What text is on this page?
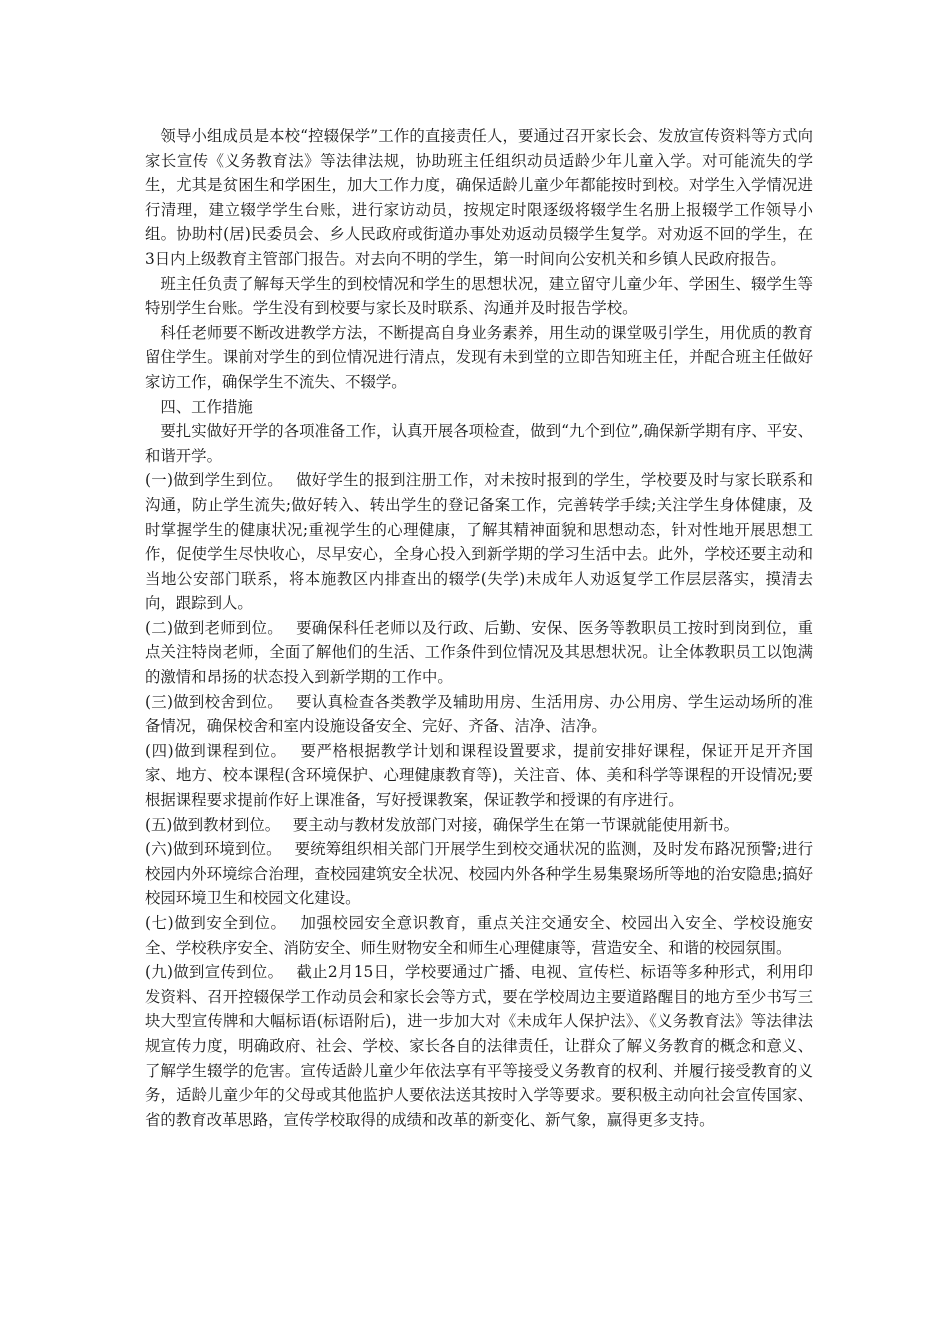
领导小组成员是本校“控辍保学”工作的直接责任人，要通过召开家长会、发放宣传资料等方式向家长宣传《义务教育法》等法律法规，协助班主任组织动员适龄少年儿童入学。对可能流失的学生，尤其是贫困生和学困生，加大工作力度，确保适龄儿童少年都能按时到校。对学生入学情况进行清理，建立辍学学生台账，进行家访动员，按规定时限逐级将辍学生名册上报辍学工作领导小组。协助村(居)民委员会、乡人民政府或街道办事处劝返动员辍学生复学。对劝返不回的学生，在3日内上级教育主管部门报告。对去向不明的学生，第一时间向公安机关和乡镇人民政府报告。

班主任负责了解每天学生的到校情况和学生的思想状况，建立留守儿童少年、学困生、辍学生等特别学生台账。学生没有到校要与家长及时联系、沟通并及时报告学校。

科任老师要不断改进教学方法，不断提高自身业务素养，用生动的课堂吸引学生，用优质的教育留住学生。课前对学生的到位情况进行清点，发现有未到堂的立即告知班主任，并配合班主任做好家访工作，确保学生不流失、不辍学。

四、工作措施

要扎实做好开学的各项准备工作，认真开展各项检查，做到“九个到位”,确保新学期有序、平安、和谐开学。

(一)做到学生到位。　 做好学生的报到注册工作，对未按时报到的学生，学校要及时与家长联系和沟通，防止学生流失;做好转入、转出学生的登记备案工作，完善转学手续;关注学生身体健康，及时掌握学生的健康状况;重视学生的心理健康，了解其精神面貌和思想动态，针对性地开展思想工作，促使学生尽快收心，尽早安心，全身心投入到新学期的学习生活中去。此外，学校还要主动和当地公安部门联系，将本施教区内排查出的辍学(失学)未成年人劝返复学工作层层落实，摸清去向，跟踪到人。

(二)做到老师到位。　 要确保科任老师以及行政、后勤、安保、医务等教职员工按时到岗到位，重点关注特岗老师，全面了解他们的生活、工作条件到位情况及其思想状况。让全体教职员工以饱满的激情和昂扬的状态投入到新学期的工作中。

(三)做到校舍到位。　 要认真检查各类教学及辅助用房、生活用房、办公用房、学生运动场所的准备情况，确保校舍和室内设施设备安全、完好、齐备、洁净、洁净。

(四)做到课程到位。　 要严格根据教学计划和课程设置要求，提前安排好课程，保证开足开齐国家、地方、校本课程(含环境保护、心理健康教育等)，关注音、体、美和科学等课程的开设情况;要根据课程要求提前作好上课准备，写好授课教案，保证教学和授课的有序进行。

(五)做到教材到位。　 要主动与教材发放部门对接，确保学生在第一节课就能使用新书。

(六)做到环境到位。　 要统筹组织相关部门开展学生到校交通状况的监测，及时发布路况预警;进行校园内外环境综合治理，查校园建筑安全状况、校园内外各种学生易集聚场所等地的治安隐患;搞好校园环境卫生和校园文化建设。

(七)做到安全到位。　 加强校园安全意识教育，重点关注交通安全、校园出入安全、学校设施安全、学校秩序安全、消防安全、师生财物安全和师生心理健康等，营造安全、和谐的校园氛围。

(九)做到宣传到位。　 截止2月15日，学校要通过广播、电视、宣传栏、标语等多种形式，利用印发资料、召开控辍保学工作动员会和家长会等方式，要在学校周边主要道路醒目的地方至少书写三块大型宣传牌和大幅标语(标语附后)，进一步加大对《未成年人保护法》、《义务教育法》等法律法规宣传力度，明确政府、社会、学校、家长各自的法律责任，让群众了解义务教育的概念和意义、了解学生辍学的危害。宣传适龄儿童少年依法享有平等接受义务教育的权利、并履行接受教育的义务，适龄儿童少年的父母或其他监护人要依法送其按时入学等要求。要积极主动向社会宣传国家、省的教育改革思路，宣传学校取得的成绩和改革的新变化、新气象，赢得更多支持。
